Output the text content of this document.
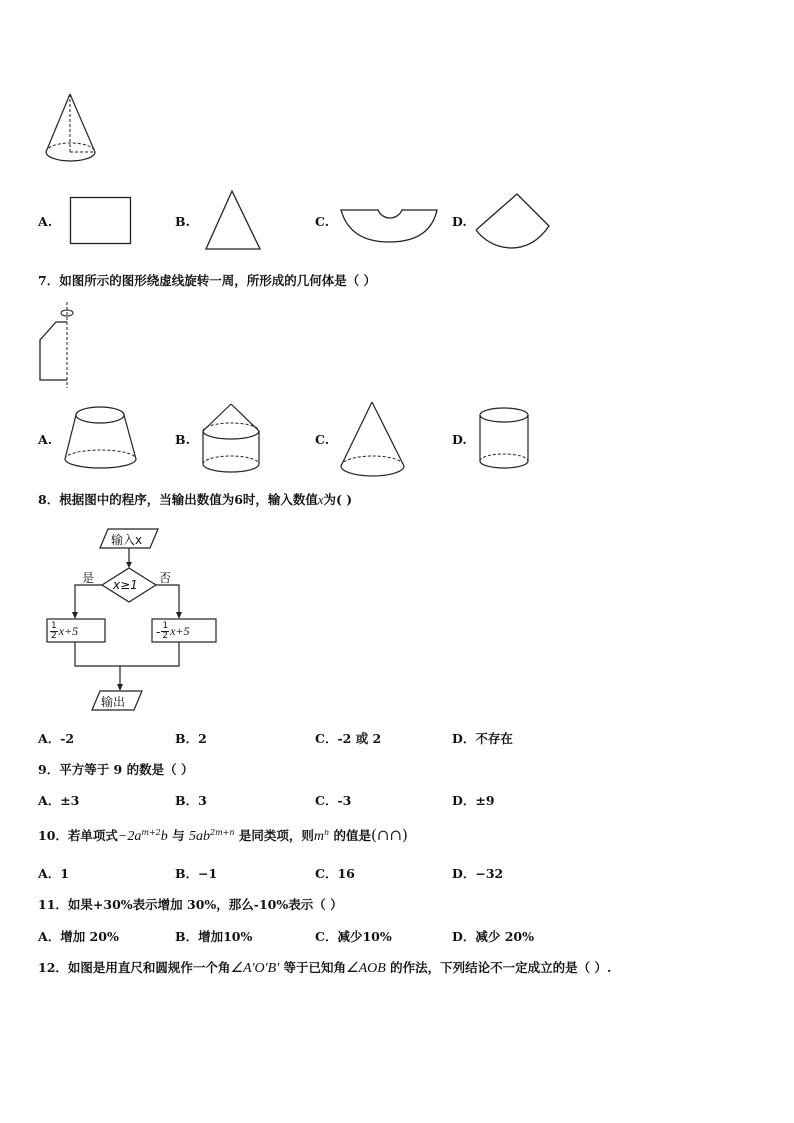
A.	B.	C.	D.
7．如图所示的图形绕虚线旋转一周，所形成的几何体是（ ）
A.	B.	C.	D.
8．根据图中的程序，当输出数值为6时，输入数值x为( )
输入x
x≥1
是	否
1
2 x+5	- 1
2 x+5
输出
A．-2	B．2	C．-2 或 2	D．不存在
9．平方等于 9 的数是（ ）
A．±3	B．3	C．-3	D．±9
10．若单项式$-2a^{m+2}b$ 与 $5ab^{2m+n}$ 是同类项，则$m^n$ 的值是(∩∩)
A．1	B．−1	C．16	D．−32
11．如果+30%表示增加 30%，那么-10%表示（ ）
A．增加 20%	B．增加10%	C．减少10%	D．减少 20%
12．如图是用直尺和圆规作一个角∠A'O'B' 等于已知角∠AOB 的作法，下列结论不一定成立的是（ ）.
